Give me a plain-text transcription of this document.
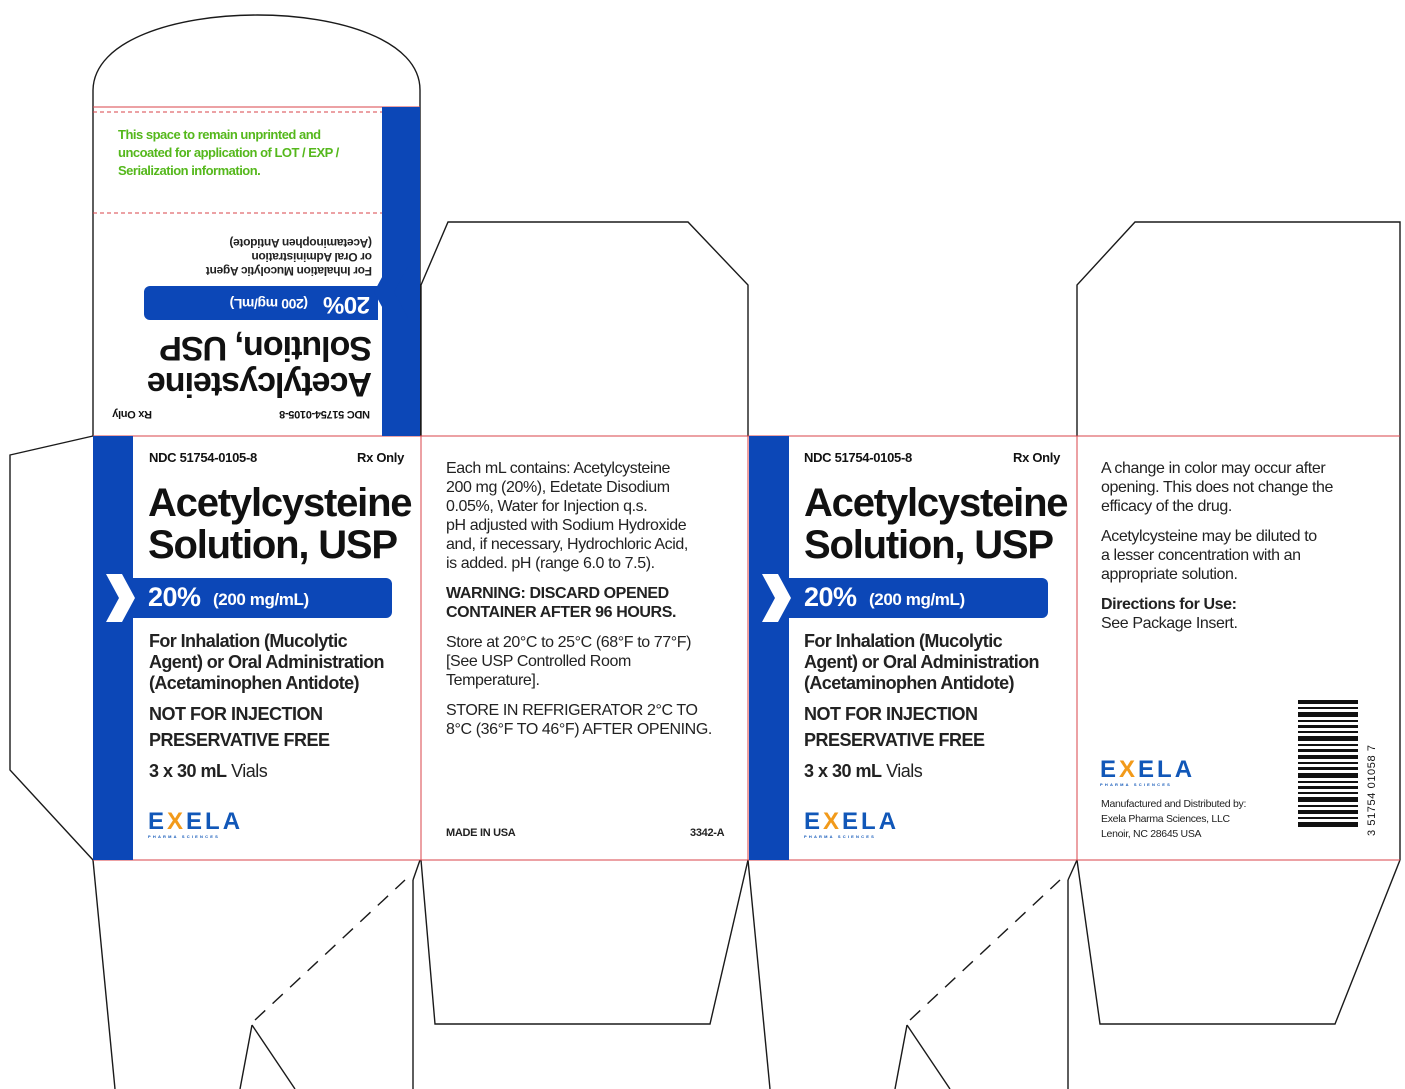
This space to remain unprinted and
uncoated for application of LOT / EXP /
Serialization information.
NDC 51754-0105-8
Rx Only
Acetylcysteine
Solution, USP
20%
(200 mg/mL)
For Inhalation Mucolytic Agent
or Oral Administration
(Acetaminophen Antidote)
NDC 51754-0105-8	Rx Only
Acetylcysteine
Solution, USP
20% (200 mg/mL)
For Inhalation (Mucolytic
Agent) or Oral Administration
(Acetaminophen Antidote)
NOT FOR INJECTION
PRESERVATIVE FREE
3 x 30 mL Vials
EXELA
PHARMA SCIENCES
Each mL contains: Acetylcysteine
200 mg (20%), Edetate Disodium
0.05%, Water for Injection q.s.
pH adjusted with Sodium Hydroxide
and, if necessary, Hydrochloric Acid,
is added. pH (range 6.0 to 7.5).
WARNING: DISCARD OPENED
CONTAINER AFTER 96 HOURS.
Store at 20°C to 25°C (68°F to 77°F)
[See USP Controlled Room
Temperature].
STORE IN REFRIGERATOR 2°C TO
8°C (36°F TO 46°F) AFTER OPENING.
MADE IN USA	3342-A
NDC 51754-0105-8	Rx Only
Acetylcysteine
Solution, USP
20% (200 mg/mL)
For Inhalation (Mucolytic
Agent) or Oral Administration
(Acetaminophen Antidote)
NOT FOR INJECTION
PRESERVATIVE FREE
3 x 30 mL Vials
EXELA
PHARMA SCIENCES
A change in color may occur after
opening. This does not change the
efficacy of the drug.
Acetylcysteine may be diluted to
a lesser concentration with an
appropriate solution.
Directions for Use:
See Package Insert.
EXELA
PHARMA SCIENCES
Manufactured and Distributed by:
Exela Pharma Sciences, LLC
Lenoir, NC 28645 USA	3 51754 01058 7
